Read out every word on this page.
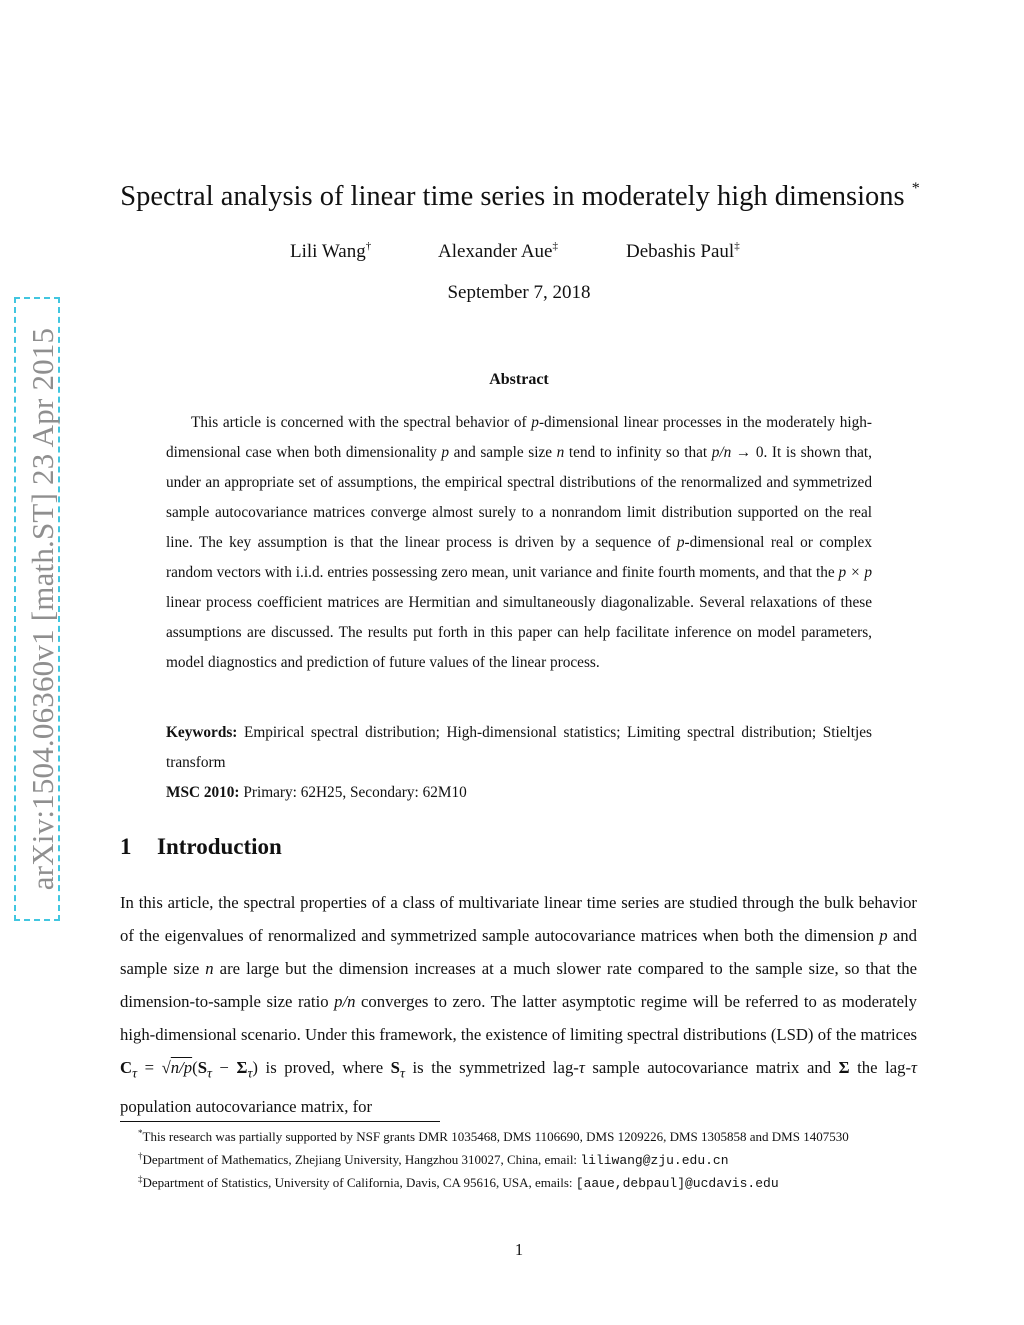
arXiv:1504.06360v1 [math.ST] 23 Apr 2015
Spectral analysis of linear time series in moderately high dimensions *
Lili Wang†	Alexander Aue‡	Debashis Paul‡
September 7, 2018
Abstract

This article is concerned with the spectral behavior of p-dimensional linear processes in the moderately high-dimensional case when both dimensionality p and sample size n tend to infinity so that p/n → 0. It is shown that, under an appropriate set of assumptions, the empirical spectral distributions of the renormalized and symmetrized sample autocovariance matrices converge almost surely to a nonrandom limit distribution supported on the real line. The key assumption is that the linear process is driven by a sequence of p-dimensional real or complex random vectors with i.i.d. entries possessing zero mean, unit variance and finite fourth moments, and that the p × p linear process coefficient matrices are Hermitian and simultaneously diagonalizable. Several relaxations of these assumptions are discussed. The results put forth in this paper can help facilitate inference on model parameters, model diagnostics and prediction of future values of the linear process.

Keywords: Empirical spectral distribution; High-dimensional statistics; Limiting spectral distribution; Stieltjes transform

MSC 2010: Primary: 62H25, Secondary: 62M10

1 Introduction

In this article, the spectral properties of a class of multivariate linear time series are studied through the bulk behavior of the eigenvalues of renormalized and symmetrized sample autocovariance matrices when both the dimension p and sample size n are large but the dimension increases at a much slower rate compared to the sample size, so that the dimension-to-sample size ratio p/n converges to zero. The latter asymptotic regime will be referred to as moderately high-dimensional scenario. Under this framework, the existence of limiting spectral distributions (LSD) of the matrices $C_\tau = √n/p(S_\tau - \Sigma_\tau)$ is proved, where $S_\tau$ is the symmetrized lag-τ sample autocovariance matrix and Σ the lag-τ population autocovariance matrix, for

*This research was partially supported by NSF grants DMR 1035468, DMS 1106690, DMS 1209226, DMS 1305858 and DMS 1407530

†Department of Mathematics, Zhejiang University, Hangzhou 310027, China, email: liliwang@zju.edu.cn

‡Department of Statistics, University of California, Davis, CA 95616, USA, emails: [aaue,debpaul]@ucdavis.edu

1
